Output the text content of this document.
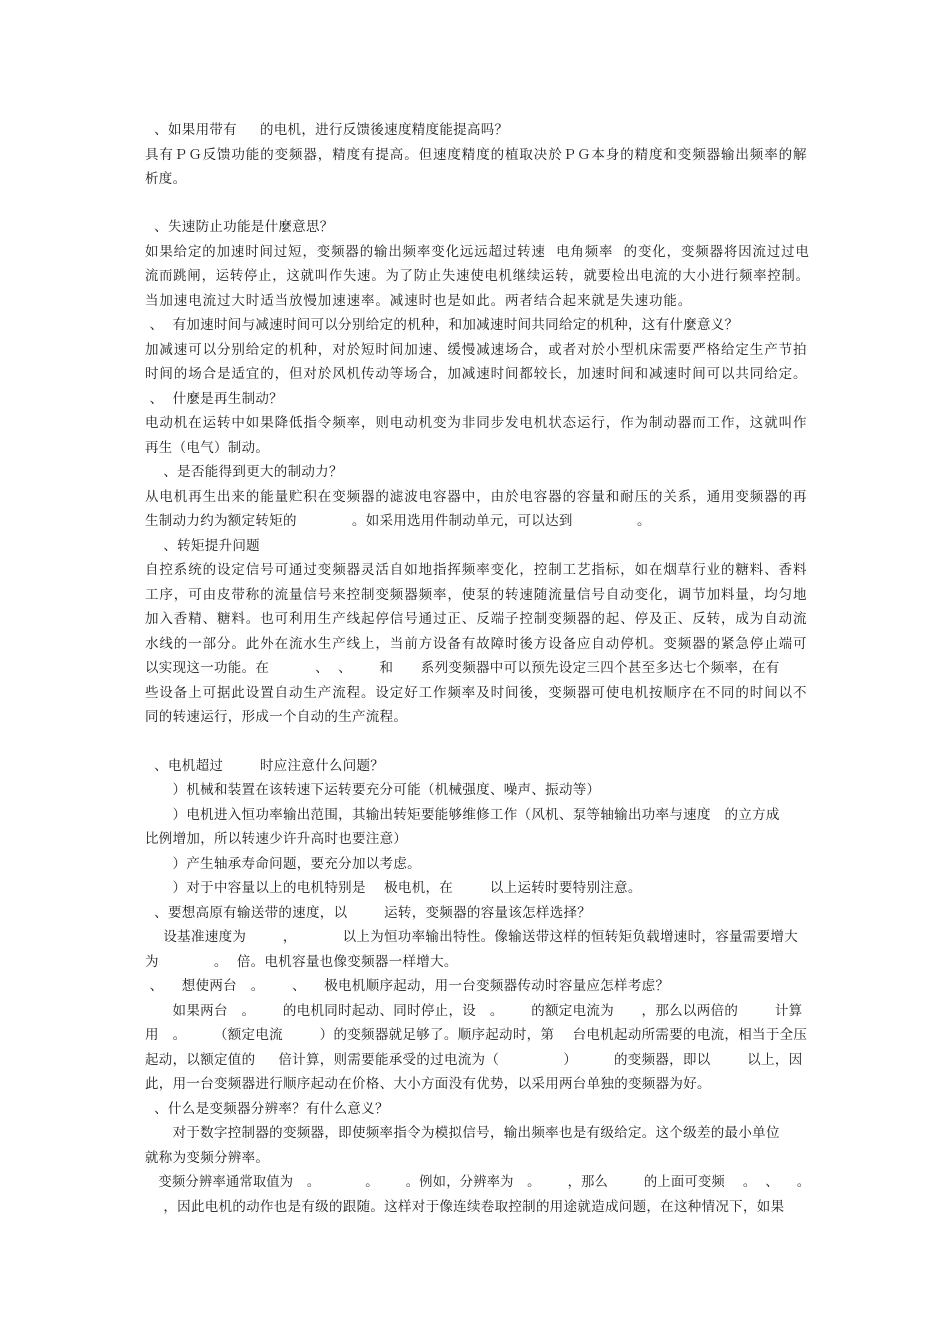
、如果用带有     的电机，进行反馈後速度精度能提高吗？
具有ＰＧ反馈功能的变频器，精度有提高。但速度精度的植取决於ＰＧ本身的精度和变频器输出频率的解
析度。
、失速防止功能是什麼意思？
如果给定的加速时间过短，变频器的输出频率变化远远超过转速  电角频率  的变化，变频器将因流过过电
流而跳闸，运转停止，这就叫作失速。为了防止失速使电机继续运转，就要检出电流的大小进行频率控制。
当加速电流过大时适当放慢加速速率。减速时也是如此。两者结合起来就是失速功能。
、  有加速时间与减速时间可以分别给定的机种，和加减速时间共同给定的机种，这有什麼意义？
加减速可以分别给定的机种，对於短时间加速、缓慢减速场合，或者对於小型机床需要严格给定生产节拍
时间的场合是适宜的，但对於风机传动等场合，加减速时间都较长，加速时间和减速时间可以共同给定。
、  什麼是再生制动？
电动机在运转中如果降低指令频率，则电动机变为非同步发电机状态运行，作为制动器而工作，这就叫作
再生（电气）制动。
、是否能得到更大的制动力？
从电机再生出来的能量贮积在变频器的滤波电容器中，由於电容器的容量和耐压的关系，通用变频器的再
生制动力约为额定转矩的            。如采用选用件制动单元，可以达到              。
、转矩提升问题
自控系统的设定信号可通过变频器灵活自如地指挥频率变化，控制工艺指标，如在烟草行业的糖料、香料
工序，可由皮带称的流量信号来控制变频器频率，使泵的转速随流量信号自动变化，调节加料量，均匀地
加入香精、糖料。也可利用生产线起停信号通过正、反端子控制变频器的起、停及正、反转，成为自动流
水线的一部分。此外在流水生产线上，当前方设备有故障时後方设备应自动停机。变频器的紧急停止端可
以实现这一功能。在          、  、      和      系列变频器中可以预先设定三四个甚至多达七个频率，在有
些设备上可据此设置自动生产流程。设定好工作频率及时间後，变频器可使电机按顺序在不同的时间以不
同的转速运行，形成一个自动的生产流程。
、电机超过        时应注意什么问题？
）机械和装置在该转速下运转要充分可能（机械强度、噪声、振动等）
）电机进入恒功率输出范围，其输出转矩要能够维修工作（风机、泵等轴输出功率与速度   的立方成
比例增加，所以转速少许升高时也要注意）
）产生轴承寿命问题，要充分加以考虑。
）对于中容量以上的电机特别是    极电机，在        以上运转时要特别注意。
、要想高原有输送带的速度，以        运转，变频器的容量该怎样选择？
设基准速度为        ，          以上为恒功率输出特性。像输送带这样的恒转矩负载增速时，容量需要增大
为            。  倍。电机容量也像变频器一样增大。
、    想使两台   。      、    极电机顺序起动，用一台变频器传动时容量应怎样考虑？
如果两台   。      的电机同时起动、同时停止，设   。      的额定电流为      ，那么以两倍的        计算
用   。      （额定电流        ）的变频器就足够了。顺序起动时，第    台电机起动所需要的电流，相当于全压
起动，以额定值的     倍计算，则需要能承受的过电流为（              ）        的变频器，即以        以上，因
此，用一台变频器进行顺序起动在价格、大小方面没有优势，以采用两台单独的变频器为好。
、什么是变频器分辨率？有什么意义？
对于数字控制器的变频器，即使频率指令为模拟信号，输出频率也是有级给定。这个级差的最小单位
就称为变频分辨率。
变频分辨率通常取值为   。          。      。例如，分辨率为   。      ，那么        的上面可变频    。  、    。
，因此电机的动作也是有级的跟随。这样对于像连续卷取控制的用途就造成问题，在这种情况下，如果
